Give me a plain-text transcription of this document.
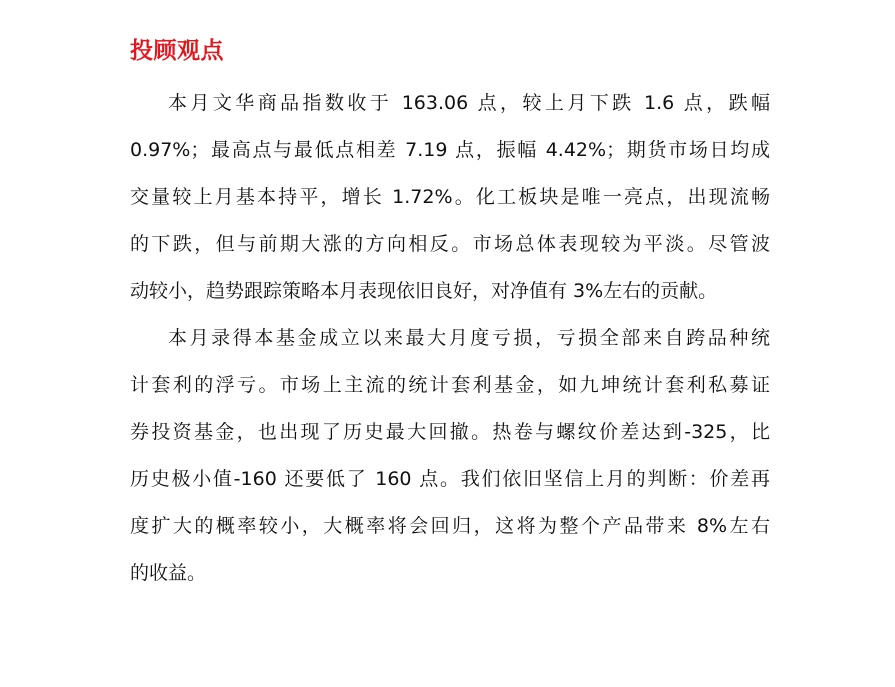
投顾观点

本月文华商品指数收于 163.06 点，较上月下跌 1.6 点，跌幅
0.97%；最高点与最低点相差 7.19 点，振幅 4.42%；期货市场日均成
交量较上月基本持平，增长 1.72%。化工板块是唯一亮点，出现流畅
的下跌，但与前期大涨的方向相反。市场总体表现较为平淡。尽管波
动较小，趋势跟踪策略本月表现依旧良好，对净值有 3%左右的贡献。

本月录得本基金成立以来最大月度亏损，亏损全部来自跨品种统
计套利的浮亏。市场上主流的统计套利基金，如九坤统计套利私募证
券投资基金，也出现了历史最大回撤。热卷与螺纹价差达到-325，比
历史极小值-160 还要低了 160 点。我们依旧坚信上月的判断：价差再
度扩大的概率较小，大概率将会回归，这将为整个产品带来 8%左右
的收益。
